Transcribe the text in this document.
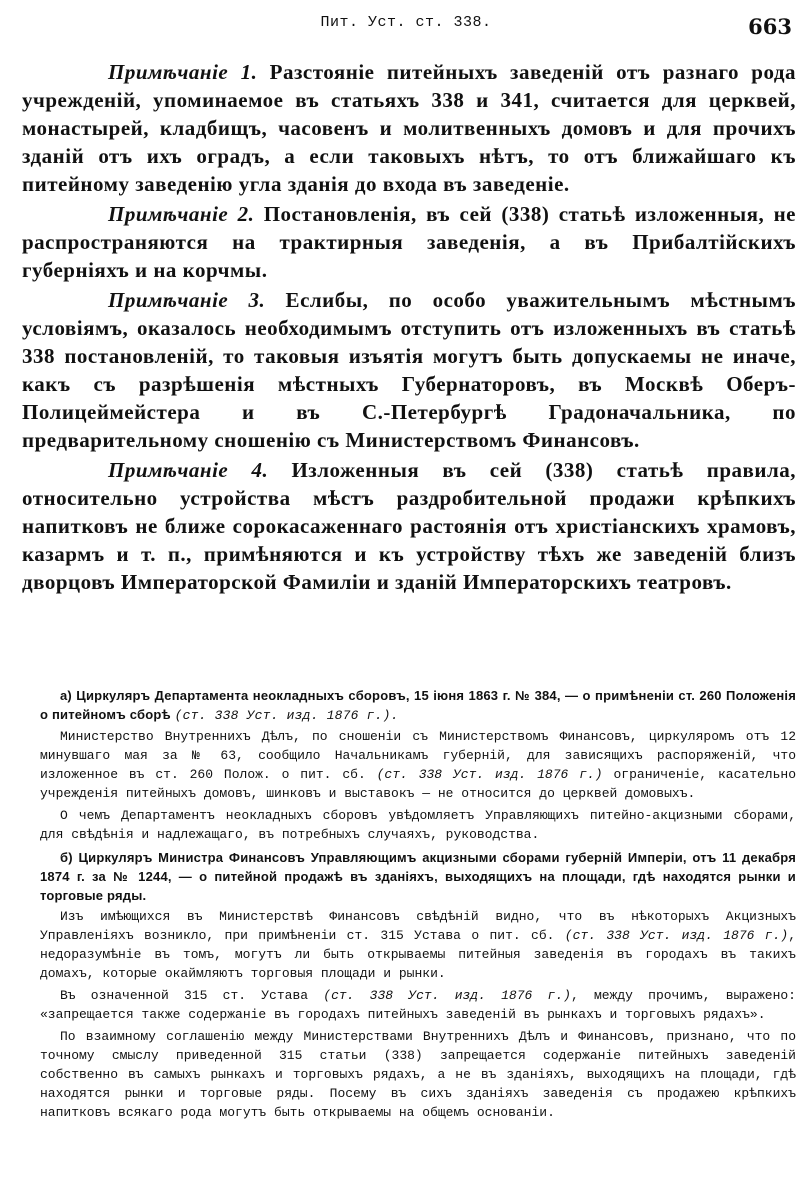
Пит. Уст. ст. 338.	663
Примѣчаніе 1. Разстояніе питейныхъ заведеній отъ разнаго рода учрежденій, упоминаемое въ статьяхъ 338 и 341, считается для церквей, монастырей, кладбищъ, часовенъ и молитвенныхъ домовъ и для прочихъ зданій отъ ихъ оградъ, а если таковыхъ нѣтъ, то отъ ближайшаго къ питейному заведенію угла зданія до входа въ заведеніе.
Примѣчаніе 2. Постановленія, въ сей (338) статьѣ изложенныя, не распространяются на трактирныя заведенія, а въ Прибалтійскихъ губерніяхъ и на корчмы.
Примѣчаніе 3. Еслибы, по особо уважительнымъ мѣстнымъ условіямъ, оказалось необходимымъ отступить отъ изложенныхъ въ статьѣ 338 постановленій, то таковыя изъятія могутъ быть допускаемы не иначе, какъ съ разрѣшенія мѣстныхъ Губернаторовъ, въ Москвѣ Оберъ-Полицеймейстера и въ С.-Петербургѣ Градоначальника, по предварительному сношенію съ Министерствомъ Финансовъ.
Примѣчаніе 4. Изложенныя въ сей (338) статьѣ правила, относительно устройства мѣстъ раздробительной продажи крѣпкихъ напитковъ не ближе сорокасаженнаго растоянія отъ христіанскихъ храмовъ, казармъ и т. п., примѣняются и къ устройству тѣхъ же заведеній близъ дворцовъ Императорской Фамиліи и зданій Императорскихъ театровъ.

а) Циркуляръ Департамента неокладныхъ сборовъ, 15 іюня 1863 г. № 384, — о примѣненіи ст. 260 Положенія о питейномъ сборѣ (ст. 338 Уст. изд. 1876 г.).

Министерство Внутреннихъ Дѣлъ, по сношеніи съ Министерствомъ Финансовъ, циркуляромъ отъ 12 минувшаго мая за № 63, сообщило Начальникамъ губерній, для зависящихъ распоряженій, что изложенное въ ст. 260 Полож. о пит. сб. (ст. 338 Уст. изд. 1876 г.) ограниченіе, касательно учрежденія питейныхъ домовъ, шинковъ и выставокъ — не относится до церквей домовыхъ.

О чемъ Департаментъ неокладныхъ сборовъ увѣдомляетъ Управляющихъ питейно-акцизными сборами, для свѣдѣнія и надлежащаго, въ потребныхъ случаяхъ, руководства.

б) Циркуляръ Министра Финансовъ Управляющимъ акцизными сборами губерній Имперіи, отъ 11 декабря 1874 г. за № 1244, — о питейной продажѣ въ зданіяхъ, выходящихъ на площади, гдѣ находятся рынки и торговые ряды.

Изъ имѣющихся въ Министерствѣ Финансовъ свѣдѣній видно, что въ нѣкоторыхъ Акцизныхъ Управленіяхъ возникло, при примѣненіи ст. 315 Устава о пит. сб. (ст. 338 Уст. изд. 1876 г.), недоразумѣніе въ томъ, могутъ ли быть открываемы питейныя заведенія въ городахъ въ такихъ домахъ, которые окаймляютъ торговыя площади и рынки.

Въ означенной 315 ст. Устава (ст. 338 Уст. изд. 1876 г.), между прочимъ, выражено: «запрещается также содержаніе въ городахъ питейныхъ заведеній въ рынкахъ и торговыхъ рядахъ».

По взаимному соглашенію между Министерствами Внутреннихъ Дѣлъ и Финансовъ, признано, что по точному смыслу приведенной 315 статьи (338) запрещается содержаніе питейныхъ заведеній собственно въ самыхъ рынкахъ и торговыхъ рядахъ, а не въ зданіяхъ, выходящихъ на площади, гдѣ находятся рынки и торговые ряды. Посему въ сихъ зданіяхъ заведенія съ продажею крѣпкихъ напитковъ всякаго рода могутъ быть открываемы на общемъ основаніи.
